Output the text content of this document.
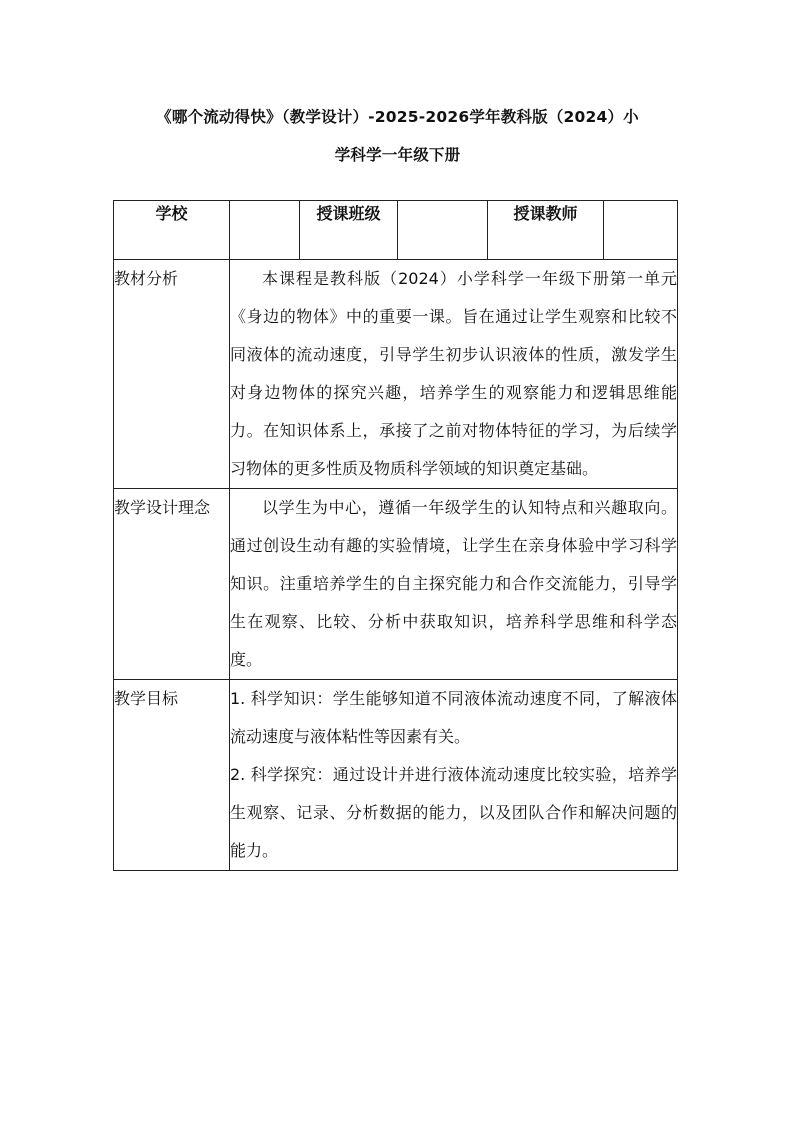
《哪个流动得快》（教学设计）-2025-2026学年教科版（2024）小
学科学一年级下册
学校		授课班级		授课教师	
教材分析	本课程是教科版（2024）小学科学一年级下册第一单元《身边的物体》中的重要一课。旨在通过让学生观察和比较不同液体的流动速度，引导学生初步认识液体的性质，激发学生对身边物体的探究兴趣，培养学生的观察能力和逻辑思维能力。在知识体系上，承接了之前对物体特征的学习，为后续学习物体的更多性质及物质科学领域的知识奠定基础。				

教学设计理念	以学生为中心，遵循一年级学生的认知特点和兴趣取向。通过创设生动有趣的实验情境，让学生在亲身体验中学习科学知识。注重培养学生的自主探究能力和合作交流能力，引导学生在观察、比较、分析中获取知识，培养科学思维和科学态度。				

教学目标	1. 科学知识：学生能够知道不同液体流动速度不同，了解液体流动速度与液体粘性等因素有关。

2. 科学探究：通过设计并进行液体流动速度比较实验，培养学生观察、记录、分析数据的能力，以及团队合作和解决问题的能力。				
